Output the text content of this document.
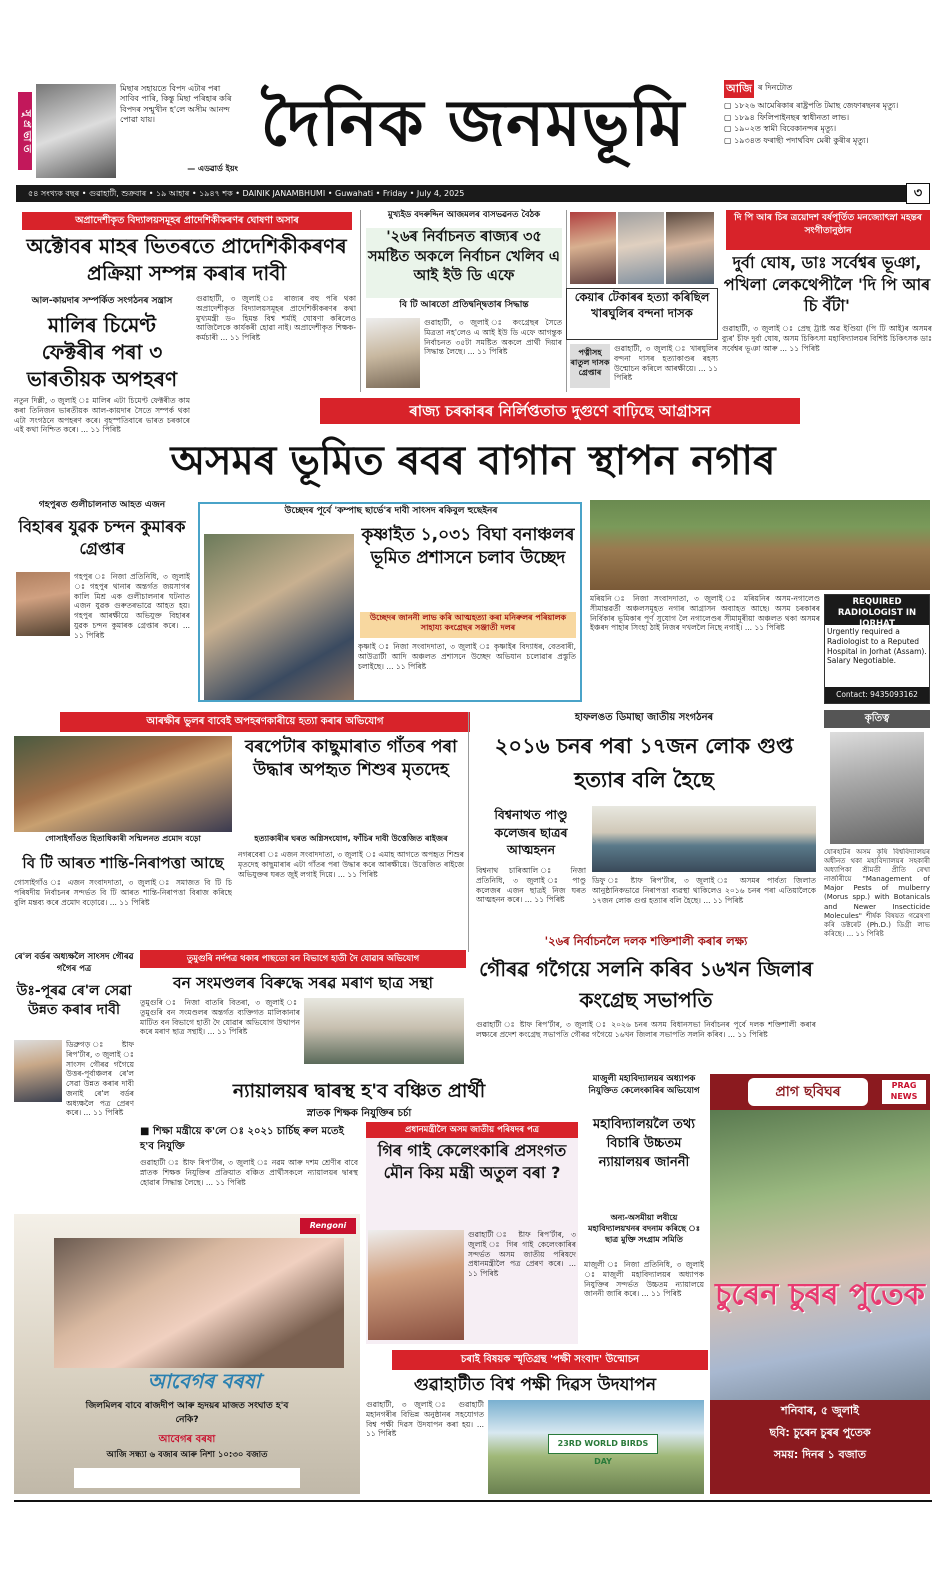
সু প্ৰ ভা ত
মিছাৰ সহায়তে বিপদ এটাৰ পৰা সাবিব পাৰি, কিন্তু মিছা পৰিহাৰ কৰি বিপদৰ সন্মুখীন হ'লে অসীম আনন্দ পোৱা যায়।
— এডৱাৰ্ড ইয়ং
দৈনিক জনমভূমি	আজি ৰ দিনটোত
▢ ১৮২৬ আমেৰিকাৰ ৰাষ্ট্ৰপতি টমাছ জেফাৰছনৰ মৃত্যু।
▢ ১৮৯৪ ফিলিপাইনছৰ স্বাধীনতা লাভ।
▢ ১৯০২ত স্বামী বিবেকানন্দৰ মৃত্যু।
▢ ১৯৩৪ত ফৰাছী পদাৰ্থবিদ মেৰী কুৰীৰ মৃত্যু।
৫৪ সংখ্যক বছৰ • গুৱাহাটী, শুক্ৰবাৰ • ১৯ আহাৰ • ১৯৪৭ শক • DAINIK JANAMBHUMI • Guwahati • Friday • July 4, 2025	৩
অপ্ৰাদেশীকৃত বিদ্যালয়সমূহৰ প্ৰাদেশিকীকৰণৰ ঘোষণা অসাৰ
অক্টোবৰ মাহৰ ভিতৰতে প্ৰাদেশিকীকৰণৰ প্ৰক্ৰিয়া সম্পন্ন কৰাৰ দাবী
আল-কায়দাৰ সম্পৰ্কিত সংগঠনৰ সন্ত্ৰাস
মালিৰ চিমেণ্ট ফেক্টৰীৰ পৰা ৩ ভাৰতীয়ক অপহৰণ
নতুন দিল্লী, ৩ জুলাই ঃ মালিৰ এটা চিমেণ্ট ফেক্টৰীত কাম কৰা তিনিজন ভাৰতীয়ক আল-কায়দাৰ সৈতে সম্পৰ্ক থকা এটা সংগঠনে অপহৰণ কৰে। বৃহস্পতিবাৰে ভাৰত চৰকাৰে এই কথা নিশ্চিত কৰে। ... ১১ পিৰিষ্ট
গুৱাহাটী, ৩ জুলাই ঃ ৰাজ্যৰ বহু পৰি থকা অপ্ৰাদেশীকৃত বিদ্যালয়সমূহৰ প্ৰাদেশিকীকৰণৰ কথা মুখ্যমন্ত্ৰী ড০ হিমন্ত বিশ্ব শৰ্মাই ঘোষণা কৰিলেও আজিলৈকে কাৰ্যকৰী হোৱা নাই। অপ্ৰাদেশীকৃত শিক্ষক-কৰ্মচাৰী ... ১১ পিৰিষ্ট
মুখ্যইড বদৰুদ্দিন আজমলৰ বাসভৱনত বৈঠক
'২৬ৰ নিৰ্বাচনত ৰাজ্যৰ ৩৫ সমষ্টিত অকলে নিৰ্বাচন খেলিব এ আই ইউ ডি এফে
বি টি আৰতো প্ৰতিদ্বন্দ্বিতাৰ সিদ্ধান্ত
গুৱাহাটী, ৩ জুলাই ঃ কংগ্ৰেছৰ সৈতে মিত্ৰতা নহ'লেও এ আই ইউ ডি এফে আগন্তুক নিৰ্বাচনত ৩৫টা সমষ্টিত অকলে প্ৰাৰ্থী দিয়াৰ সিদ্ধান্ত লৈছে। ... ১১ পিৰিষ্ট
কেয়াৰ টেকাৰৰ হত্যা কৰিছিল খাৰঘুলিৰ বন্দনা দাসক
পত্নীসহ ৰাতুল দাসক গ্ৰেপ্তাৰ
গুৱাহাটী, ৩ জুলাই ঃ খাৰঘুলিৰ বন্দনা দাসৰ হত্যাকাণ্ডৰ ৰহস্য উন্মোচন কৰিলে আৰক্ষীয়ে। ... ১১ পিৰিষ্ট
দি পি আৰ চিৰ ত্ৰয়োদশ বৰ্ষপূৰ্তিত মনজ্যোৎস্না মহন্তৰ সংগীতানুষ্ঠান
দুৰ্বা ঘোষ, ডাঃ সৰ্বেশ্বৰ ভূঞা, পখিলা লেকথেপীলৈ 'দি পি আৰ চি বঁটা'
গুৱাহাটী, ৩ জুলাই ঃ প্ৰেছ ট্ৰাষ্ট অৱ ইণ্ডিয়া (পি টি আই)ৰ অসমৰ ব্যুৰ' চীফ দুৰ্বা ঘোষ, অসম চিকিৎসা মহাবিদ্যালয়ৰ বিশিষ্ট চিকিৎসক ডাঃ সৰ্বেশ্বৰ ভূঞা আৰু ... ১১ পিৰিষ্ট
ৰাজ্য চৰকাৰৰ নিৰ্লিপ্ততাত দুগুণে বাঢ়িছে আগ্ৰাসন
অসমৰ ভূমিত ৰবৰ বাগান স্থাপন নগাৰ
গহপুৰত গুলীচালনাত আহত এজন
বিহাৰৰ যুৱক চন্দন কুমাৰক গ্ৰেপ্তাৰ
গহপুৰ ঃ নিজা প্ৰতিনিধি, ৩ জুলাই ঃ গহপুৰ থানাৰ অন্তৰ্গত জয়সাগৰ কালি মিশ্ৰ এক গুলীচালনাৰ ঘটনাত এজন যুৱক গুৰুতৰভাৱে আহত হয়। গহপুৰ আৰক্ষীয়ে অভিযুক্ত বিহাৰৰ যুৱক চন্দন কুমাৰক গ্ৰেপ্তাৰ কৰে। ... ১১ পিৰিষ্ট
উচ্ছেদৰ পূৰ্বে 'কম্পাছ ছাৰ্ভে'ৰ দাবী সাংসদ ৰকিবুল হুছেইনৰ
কৃষ্ণাইত ১,০৩১ বিঘা বনাঞ্চলৰ ভূমিত প্ৰশাসনে চলাব উচ্ছেদ
উচ্ছেদৰ জাননী লাভ কৰি আত্মহত্যা কৰা মনিৰুলৰ পৰিয়ালক সাহায্য কংগ্ৰেছৰ সঞ্জাতী দলৰ
কৃষ্ণাই ঃ নিজা সংবাদদাতা, ৩ জুলাই ঃ কৃষ্ণাইৰ বিদ্যাধৰ, বেতবাৰী, আউত্ৰাটী আদি অঞ্চলত প্ৰশাসনে উচ্ছেদ অভিযান চলোৱাৰ প্ৰস্তুতি চলাইছে। ... ১১ পিৰিষ্ট
মৰিয়নি ঃ নিজা সংবাদদাতা, ৩ জুলাই ঃ মৰিয়নিৰ অসম-নগালেণ্ড সীমান্তৱৰ্তী অঞ্চলসমূহত নগাৰ আগ্ৰাসন অব্যাহত আছে। অসম চৰকাৰৰ নিৰ্বিকাৰ ভূমিকাৰ পূৰ্ণ সুযোগ লৈ নগালেণ্ডৰ সীমামূৰীয়া অঞ্চলত থকা অসমৰ ইঞ্চৰদ পাহাৰ সিংহা ঠাই নিজৰ দখললৈ নিছে নগাই। ... ১১ পিৰিষ্ট
REQUIRED RADIOLOGIST IN JORHAT
Urgently required a Radiologist to a Reputed Hospital in Jorhat (Assam). Salary Negotiable.
Contact: 9435093162
আৰক্ষীৰ ভুলৰ বাবেই অপহৰণকাৰীয়ে হত্যা কৰাৰ অভিযোগ
গোসাইগাঁওত হিতাধিকাৰী সন্মিলনত প্ৰমোদ বড়ো
বি টি আৰত শান্তি-নিৰাপত্তা আছে
গোসাইগাঁও ঃ এজন সংবাদদাতা, ৩ জুলাই ঃ সমাজত বি টি চি পৰিষদীয় নিৰ্বাচনৰ সন্দৰ্ভত বি টি আৰত শান্তি-নিৰাপত্তা বিৰাজ কৰিছে বুলি মন্তব্য কৰে প্ৰমোদ বড়োৱে। ... ১১ পিৰিষ্ট
বৰপেটাৰ কাছুমাৰাত গাঁতৰ পৰা উদ্ধাৰ অপহৃত শিশুৰ মৃতদেহ
হত্যাকাৰীৰ ঘৰত অগ্নিসংযোগ, ফাঁচিৰ দাবী উত্তেজিত ৰাইজৰ
নগৰবেৰা ঃ এজন সংবাদদাতা, ৩ জুলাই ঃ এমাহ আগতে অপহৃত শিশুৰ মৃতদেহ কাছুমাৰাৰ এটা গাঁতৰ পৰা উদ্ধাৰ কৰে আৰক্ষীয়ে। উত্তেজিত ৰাইজে অভিযুক্তৰ ঘৰত জুই লগাই দিয়ে। ... ১১ পিৰিষ্ট
হাফলঙত ডিমাছা জাতীয় সংগঠনৰ
২০১৬ চনৰ পৰা ১৭জন লোক গুপ্ত হত্যাৰ বলি হৈছে
বিশ্বনাথত পাণ্ডু কলেজৰ ছাত্ৰৰ আত্মহনন
বিশ্বনাথ চাৰিআলি ঃ নিজা প্ৰতিনিধি, ৩ জুলাই ঃ পাণ্ডু কলেজৰ এজন ছাত্ৰই নিজ ঘৰত আত্মহনন কৰে। ... ১১ পিৰিষ্ট
ডিফু ঃ ষ্টাফ ৰিপ'ৰ্টাৰ, ৩ জুলাই ঃ অসমৰ পাৰ্বত্য জিলাত আনুষ্ঠানিকভাৱে নিৰাপত্তা ব্যৱস্থা থাকিলেও ২০১৬ চনৰ পৰা এতিয়ালৈকে ১৭জন লোক গুপ্ত হত্যাৰ বলি হৈছে। ... ১১ পিৰিষ্ট
কৃতিত্ব
যোৰহাটৰ অসম কৃষি বিশ্ববিদ্যালয়ৰ অধীনত থকা মহাবিদ্যালয়ৰ সহকাৰী অধ্যাপিকা শ্ৰীমতী প্ৰীতি ৰেখা নাৰ্জাৰীয়ে "Management of Major Pests of mulberry (Morus spp.) with Botanicals and Newer Insecticide Molecules" শীৰ্ষক বিষয়ত গৱেষণা কৰি ডক্টৰেট (Ph.D.) ডিগ্ৰী লাভ কৰিছে। ... ১১ পিৰিষ্ট
'২৬ৰ নিৰ্বাচনলৈ দলক শক্তিশালী কৰাৰ লক্ষ্য
গৌৰৱ গগৈয়ে সলনি কৰিব ১৬খন জিলাৰ কংগ্ৰেছ সভাপতি
গুৱাহাটী ঃ ষ্টাফ ৰিপ'ৰ্টাৰ, ৩ জুলাই ঃ ২০২৬ চনৰ অসম বিধানসভা নিৰ্বাচনৰ পূৰ্বে দলক শক্তিশালী কৰাৰ লক্ষ্যৰে প্ৰদেশ কংগ্ৰেছ সভাপতি গৌৰৱ গগৈয়ে ১৬খন জিলাৰ সভাপতি সলনি কৰিব। ... ১১ পিৰিষ্ট
ৰে'ল বৰ্ডৰ অধ্যক্ষলৈ সাংসদ গৌৰৱ গগৈৰ পত্ৰ
উঃ-পূৰৱ ৰে'ল সেৱা উন্নত কৰাৰ দাবী
ডিব্ৰুগড় ঃ ষ্টাফ ৰিপ'ৰ্টাৰ, ৩ জুলাই ঃ সাংসদ গৌৰৱ গগৈয়ে উত্তৰ-পূৰ্বাঞ্চলৰ ৰে'ল সেৱা উন্নত কৰাৰ দাবী জনাই ৰে'ল বৰ্ডৰ অধ্যক্ষলৈ পত্ৰ প্ৰেৰণ কৰে। ... ১১ পিৰিষ্ট
তুমুগুৰি নৰ্দপত্ৰ থকাৰ পাছতো বন বিভাগে হাতী দৈ যোৱাৰ অভিযোগ
বন সংমণ্ডলৰ বিৰুদ্ধে সৰৱ মৰাণ ছাত্ৰ সন্থা
তুমুগুৰি ঃ নিজা বাতৰি বিতৰা, ৩ জুলাই ঃ তুমুগুৰি বন সংমণ্ডলৰ অন্তৰ্গত ব্যক্তিগত মালিকানাৰ মাটিত বন বিভাগে হাতী দৈ যোৱাৰ অভিযোগ উত্থাপন কৰে মৰাণ ছাত্ৰ সন্থাই। ... ১১ পিৰিষ্ট
ন্যায়ালয়ৰ দ্বাৰস্থ হ'ব বঞ্চিত প্ৰাৰ্থী
স্নাতক শিক্ষক নিযুক্তিৰ চৰ্চা
■ শিক্ষা মন্ত্ৰীয়ে ক'লে ঃ ২০২১ চাৰ্চিছ ৰুল মতেই হ'ব নিযুক্তি
গুৱাহাটী ঃ ষ্টাফ ৰিপ'ৰ্টাৰ, ৩ জুলাই ঃ নৱম আৰু দশম শ্ৰেণীৰ বাবে স্নাতক শিক্ষক নিযুক্তিৰ প্ৰক্ৰিয়াত বঞ্চিত প্ৰাৰ্থীসকলে ন্যায়ালয়ৰ দ্বাৰস্থ হোৱাৰ সিদ্ধান্ত লৈছে। ... ১১ পিৰিষ্ট
প্ৰধানমন্ত্ৰীলৈ অসম জাতীয় পৰিষদৰ পত্ৰ
গিৰ গাই কেলেংকাৰি প্ৰসংগত মৌন কিয় মন্ত্ৰী অতুল বৰা ?
গুৱাহাটী ঃ ষ্টাফ ৰিপ'ৰ্টাৰ, ৩ জুলাই ঃ গিৰ গাই কেলেংকাৰিৰ সন্দৰ্ভত অসম জাতীয় পৰিষদে প্ৰধানমন্ত্ৰীলৈ পত্ৰ প্ৰেৰণ কৰে। ... ১১ পিৰিষ্ট
মাজুলী মহাবিদ্যালয়ৰ অধ্যাপক নিযুক্তিত কেলেংকাৰিৰ অভিযোগ
মহাবিদ্যালয়লৈ তথ্য বিচাৰি উচ্চতম ন্যায়ালয়ৰ জাননী
অন্য-অসমীয়া লবীয়ে মহাবিদ্যালয়খনৰ বদনাম কৰিছে ঃ ছাত্ৰ মুক্তি সংগ্ৰাম সমিতি
মাজুলী ঃ নিজা প্ৰতিনিধি, ৩ জুলাই ঃ মাজুলী মহাবিদ্যালয়ৰ অধ্যাপক নিযুক্তিৰ সন্দৰ্ভত উচ্চতম ন্যায়ালয়ে জাননী জাৰি কৰে। ... ১১ পিৰিষ্ট
প্ৰাগ ছবিঘৰ	PRAG NEWS
চুৰেন চুৰৰ পুতেক
শনিবাৰ, ৫ জুলাই
ছবি: চুৰেন চুৰৰ পুতেক
সময়: দিনৰ ১ বজাত
Rengoni
আবেগৰ বৰষা
জিলমিলৰ বাবে ৰাজদীপ আৰু হৃদয়ৰ মাজত সংঘাত হ'ব নেকি?
আবেগৰ বৰষা
আজি সন্ধ্যা ৬ বজাৰ আৰু নিশা ১০:৩০ বজাত
চৰাই বিষয়ক স্মৃতিগ্ৰন্থ 'পক্ষী সংবাদ' উন্মোচন
গুৱাহাটীত বিশ্ব পক্ষী দিৱস উদযাপন
গুৱাহাটী, ৩ জুলাই ঃ গুৱাহাটী মহানগৰীৰ বিভিন্ন অনুষ্ঠানৰ সহযোগত বিশ্ব পক্ষী দিৱস উদযাপন কৰা হয়। ... ১১ পিৰিষ্ট
23RD WORLD BIRDS DAY
